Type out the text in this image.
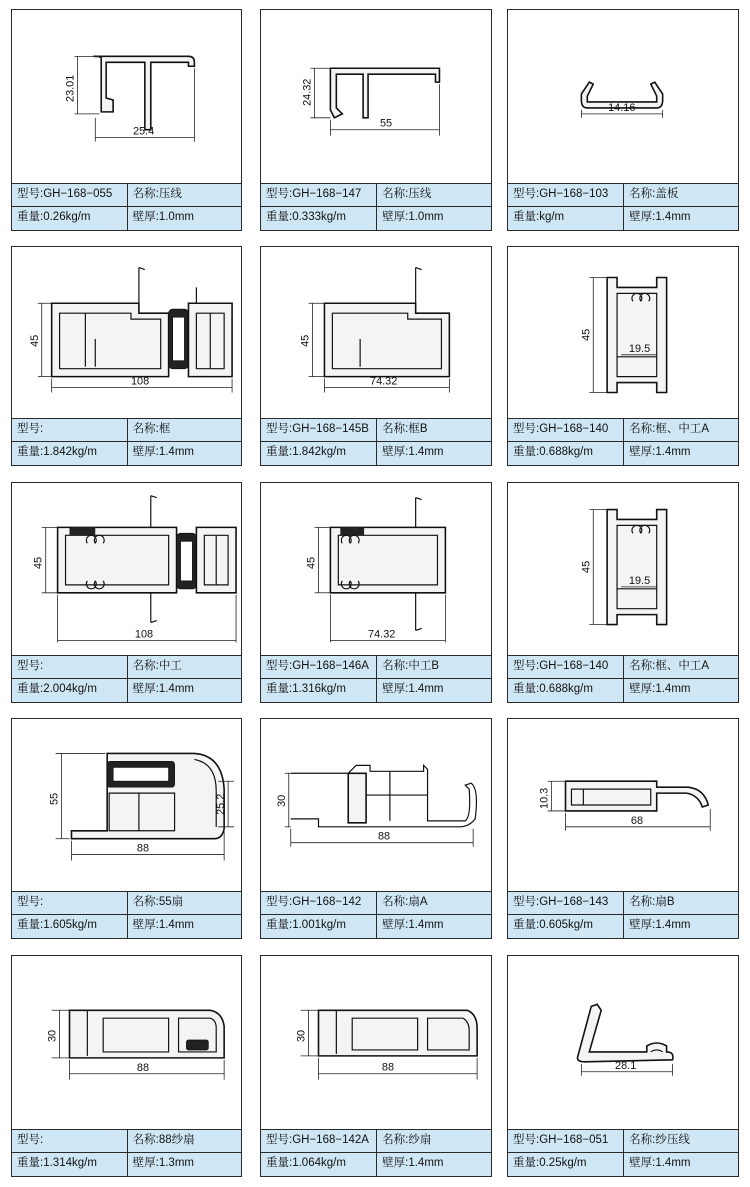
23.01
25.4
型号:GH−168−055	名称:压线
重量:0.26kg/m	壁厚:1.0mm
24.32
55
型号:GH−168−147	名称:压线
重量:0.333kg/m	壁厚:1.0mm
14.16
型号:GH−168−103	名称:盖板
重量:kg/m	壁厚:1.4mm
45
108
型号:	名称:框
重量:1.842kg/m	壁厚:1.4mm
45
74.32
型号:GH−168−145B	名称:框B
重量:1.842kg/m	壁厚:1.4mm
45
19.5
型号:GH−168−140	名称:框、中工A
重量:0.688kg/m	壁厚:1.4mm
45
108
型号:	名称:中工
重量:2.004kg/m	壁厚:1.4mm
45
74.32
型号:GH−168−146A	名称:中工B
重量:1.316kg/m	壁厚:1.4mm
45
19.5
型号:GH−168−140	名称:框、中工A
重量:0.688kg/m	壁厚:1.4mm
55	25.2
88
型号:	名称:55扇
重量:1.605kg/m	壁厚:1.4mm
30
88
型号:GH−168−142	名称:扇A
重量:1.001kg/m	壁厚:1.4mm
10.3
68
型号:GH−168−143	名称:扇B
重量:0.605kg/m	壁厚:1.4mm
30
88
型号:	名称:88纱扇
重量:1.314kg/m	壁厚:1.3mm
30
88
型号:GH−168−142A	名称:纱扇
重量:1.064kg/m	壁厚:1.4mm
28.1
型号:GH−168−051	名称:纱压线
重量:0.25kg/m	壁厚:1.4mm
